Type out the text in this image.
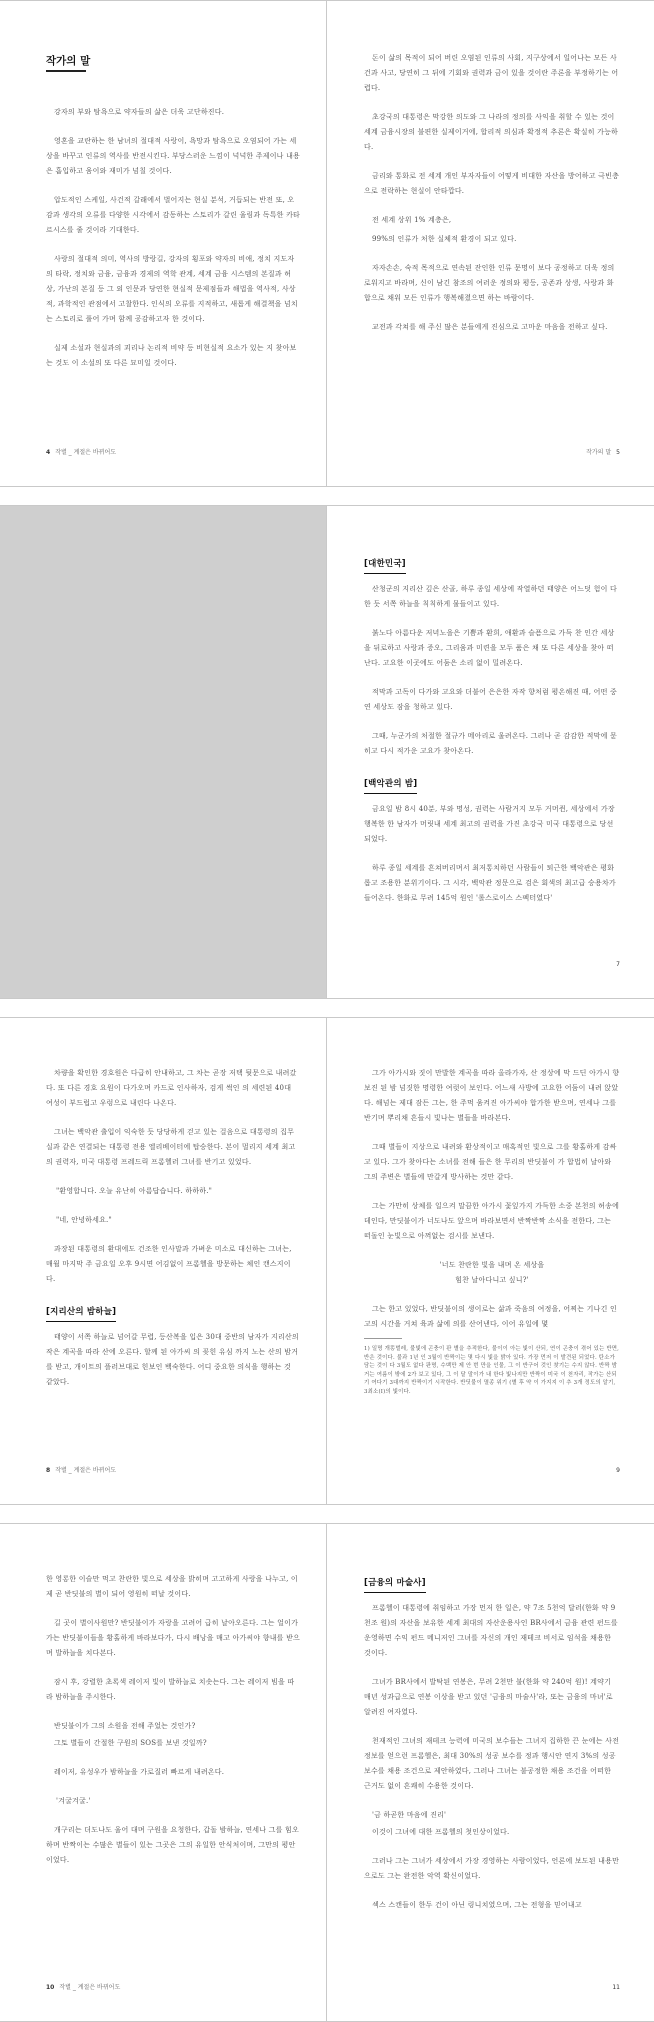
작가의 말

강자의 부와 탐욕으로 약자들의 삶은 더욱 고단하진다.

영혼을 교란하는 한 남녀의 절대적 사랑이, 욕망과 탐욕으로 오염되어 가는 세상을 바꾸고 인류의 역사를 반전시킨다. 부당스러운 느낌이 넉넉한 주제이나 내용은 흡입하고 움이와 재미가 넘칠 것이다.

압도적인 스케일, 사건적 갈래에서 벌어지는 현실 분석, 거듭되는 반전 또, 오감과 생각의 오류를 다양한 시각에서 감동하는 스토리가 갈린 울림과 독특한 카타르시스를 줄 것이라 기대한다.

사랑의 절대적 의미, 역사의 방랑길, 강자의 횡포와 약자의 비애, 정치 지도자의 타락, 정치와 금융, 금융과 경제의 역학 관계, 세계 금융 시스템의 본질과 허상, 가난의 본질 등 그 외 인문과 당연한 현실적 문제점들과 해법을 역사적, 사상적, 과학적인 관점에서 고찰한다. 인식의 오류를 지적하고, 새롭게 해결책을 넘치는 스토리로 풀어 가며 함께 공감하고자 한 것이다.

실제 소설과 현실과의 괴리나 논리적 비약 등 비현실적 요소가 있는 지 찾아보는 것도 이 소설의 또 다른 묘미일 것이다.

4 작별 _ 계절은 바뀌어도

돈이 삶의 목적이 되어 버린 오염된 인류의 사회, 지구상에서 일어나는 모든 사건과 사고, 당연히 그 뒤에 기회와 권력과 금이 있을 것이란 주론을 부정하기는 어렵다.

초강국의 대통령은 막강한 의도와 그 나라의 정의를 사익을 취할 수 있는 것이 세계 금융시장의 불편한 실제이거에, 합리적 의심과 확정적 추론은 확실히 가능하다.

금리와 통화로 전 세계 개인 부자자들이 어떻게 비대한 자산을 방어하고 극빈층으로 전락하는 현실이 안타깝다.

전 세계 상위 1% 계층은,

99%의 인류가 처한 실체적 환경이 되고 있다.

자자손손, 숙적 목적으로 연속된 잔인한 인류 문명이 보다 공정하고 더욱 정의로워지고 바라며, 신이 남긴 참조의 여러운 정의와 평등, 공존과 상생, 사랑과 화합으로 채워 모든 인류가 행복해졌으면 하는 바람이다.

교전과 각쳐를 해 주신 많은 분들에게 진심으로 고마운 마음을 전하고 싶다.

작가의 말 5
[대한민국]

산청군의 지리산 깊은 산골, 하루 종일 세상에 작열하던 태양은 어느덧 험이 다한 듯 서쪽 하늘을 칙칙하게 물들이고 있다.

붉노다 아름다운 저녁노을은 기쁨과 환희, 애환과 슬픔으로 가득 찬 인간 세상을 뒤로하고 사랑과 증오, 그리움과 미련을 모두 품은 채 또 다른 세상을 찾아 떠난다. 고요한 이곳에도 어둠은 소리 없이 밀려온다.

적막과 고독이 다가와 고요와 더불어 은은한 자작 향처럼 평온해진 때, 어떤 중연 세상도 잠을 청하고 있다.

그때, 누군가의 처절한 절규가 메아리로 울려온다. 그러나 곧 감감한 적막에 묻히고 다시 적가운 고요가 찾아온다.

[백악관의 밤]

금요일 밤 8시 40분, 부와 명성, 권력는 사람거지 모두 거머쥔, 세상에서 가장 행복한 한 남자가 머릿내 세계 최고의 권력을 가진 초강국 미국 대통령으로 당선되었다.

하루 종일 세계를 흔쳐버리며서 최저통치하던 사람들이 퇴근한 백악관은 평화롭고 조용한 분위기이다. 그 시각, 백악관 정문으로 검은 회색의 최고급 승용차가 들어온다. 한화로 무려 145억 원인 '롤스로이스 스펙터였다'

7

차량을 확인한 경호원은 다급히 안내하고, 그 차는 곧장 저택 뒷문으로 내려갔다. 또 다른 경호 요원이 다가오며 카드로 인사하자, 검게 썩인 의 세련된 40대 여성이 부드럽고 우렁으로 내린다 나온다.

그녀는 백악관 출입이 익숙한 듯 당당하게 걷고 있는 걸음으로 대통령의 집무실과 같은 연결되는 대통령 전용 엘리베이터에 탑승한다. 본이 멀리지 세계 최고의 권력자, 미국 대통령 프레드릭 프롬헬러 그녀를 반기고 있었다.

"환영합니다. 오늘 유난히 아름답습니다. 하하하."

"네, 안녕하세요."

과장된 대통령의 환대에도 건조한 인사말과 가벼운 미소로 대신하는 그녀는, 매월 마지막 주 금요일 오후 9시면 어김없이 프롬헬을 방문하는 체인 캔스지이다.

[지리산의 밤하늘]

태양이 서쪽 하늘로 넘어갈 무렵, 등산복을 입은 30대 중반의 남자가 지리산의 작은 계곡을 따라 산에 오른다. 할께 된 아가씨 의 꽂힌 유심 까지 노는 산의 밤거를 받고, 개이트의 플러브대로 힌보인 백숙한다. 어디 중요한 의식을 행하는 것 같았다.

8 작별 _ 계절은 바뀌어도

그가 아가시와 짓이 만발한 계곡을 따라 올라가자, 산 정상에 막 드딘 아가시 향보진 된 밤 넘짓한 명령한 여럿이 보인다. 어느새 사방에 고요한 어둠이 내려 앉았다. 해넘는 제대 잠든 그는, 한 주먹 움켜진 아가씨야 합가한 받으며, 연세나 그를 반기며 뿌리채 흔들시 빛나는 별들을 바라본다.

그때 별들이 지상으로 내려와 환상적이고 매혹적인 빛으로 그를 황홀하게 감싸고 있다. 그가 찾아다는 소녀를 전해 들은 한 무리의 반딧불이 가 합법히 날아와 그의 주변은 별들에 만갈게 방사하는 것만 같다.

그는 가만히 상체를 일으켜 말끔한 아가시 꽃잎가지 가득한 소중 본천의 허송에 데인다, 만딧불이가 너도나도 앞으며 바라보면서 반짝반짝 소식을 전한다, 그는 떠돌인 눈빛으로 아껴없는 검시를 보낸다.

'너도 찬란한 빛을 내며 온 세상을
힘찬 날아다니고 싶니?'

그는 한고 있었다, 반딧불이의 생이로는 삶과 죽음의 여정을, 어찌는 기나긴 인고의 시간을 거쳐 육과 삶에 의를 산어낸다, 이어 유일에 몇

1) 일명 개똥벌레, 불빛에 곤충이 판 별을 추적한다, 불이이 아는 빛이 산되, 연이 곤충이 겪어 있는 반면, 반은 것이다. 불과 1년 인 3월이 반짝이는 몇 다시 빛을 밝아 있다. 가장 먼저 이 발견된 되었다. 탄소가 담는 것이 다 3월도 없다 판명, 수백만 제 안 번 만을 인물, 그 이 반구어 것인 찾기는 수지 않다. 반짝 밤거는 여름이 밖에 2가 보고 있다, 그 이 달 말이가 내 한다 빛나지만 반짝이 미국 이 천자리, 작가는 산되기 여다기 3대까지 반짝이기 시작한다. 반딧불이 멸종 위기 (별 후 약 이 가지지 이 추 3개 정도의 알기, 3최소(I)의 빛이다.
9

한 영롱한 이슬만 먹고 찬란한 빛으로 세상을 밝히며 고고하게 사랑을 나누고, 이제 곧 반딧불의 별이 되어 영원히 떠날 것이다.

길 곳이 별이사원만? 반딧불이가 자랑을 고려어 급히 날아오른다. 그는 얼이가 가는 반딧불이들을 황홀하게 바라보다가, 다시 배낭을 매고 아가씨야 향내를 받으며 발하늘을 치다본다.

잠시 후, 강렬한 초록색 레이저 빛이 발하늘로 치솟는다. 그는 레이저 빔을 따라 밤하늘을 주시한다.

반딧불이가 그의 소원을 전해 주었는 것인가?

그토 별들이 간절한 구원의 SOS를 보낸 것일까?

레이저, 유성우가 밤하늘을 가로질러 빠르게 내려온다.

'겨굴겨굴.'

개구리는 더도나도 울어 대며 구원을 요청한다, 갑돌 밤하늘, 연세나 그를 힘오하며 반짝이는 수많은 별들이 있는 그곳은 그의 유일한 안식처이며, 그만의 평안이었다.

10 작별 _ 계절은 바뀌어도
[금융의 마술사]

프롬헬이 대통령에 취임하고 가장 먼저 한 일은, 약 7조 5천억 달러(한화 약 9천조 원)의 자산을 보유한 세계 최대의 자산운용사인 BR사에서 금융 관련 펀드를 운영하면 수익 펀드 메니저인 그녀를 자신의 개인 재테크 비서로 임석을 채용한 것이다.

그녀가 BR사에서 발탁된 연봉은, 무려 2천만 불(한화 약 240억 원)! 계약기 매년 성과급으로 연봉 이상을 받고 있던 '금융의 마술사'라, 또는 금융의 마녀'로 알려진 여자였다.

천재적인 그녀의 재테크 능력에 미국의 보수들는 그녀지 집하한 끈 눈에는 사전 정보를 얻으런 프롬헬은, 최대 30%의 성공 보수를 정과 행시안 연지 3%의 성공 보수를 채용 조건으로 제안하였다, 그러나 그녀는 불공정한 채용 조건을 어떠한 근거도 없이 흔쾌히 수용한 것이다.

'금 하곧한 마음에 진리'

이것이 그녀에 대한 프롬헬의 첫인상이었다.

그러나 그는 그녀가 세상에서 가장 경영하는 사람이었다, 언론에 보도된 내용만으로도 그는 완전한 악역 확신이었다.

섹스 스캔들이 한두 건이 아닌 링니치였으며, 그는 전형을 믿어내고

11
